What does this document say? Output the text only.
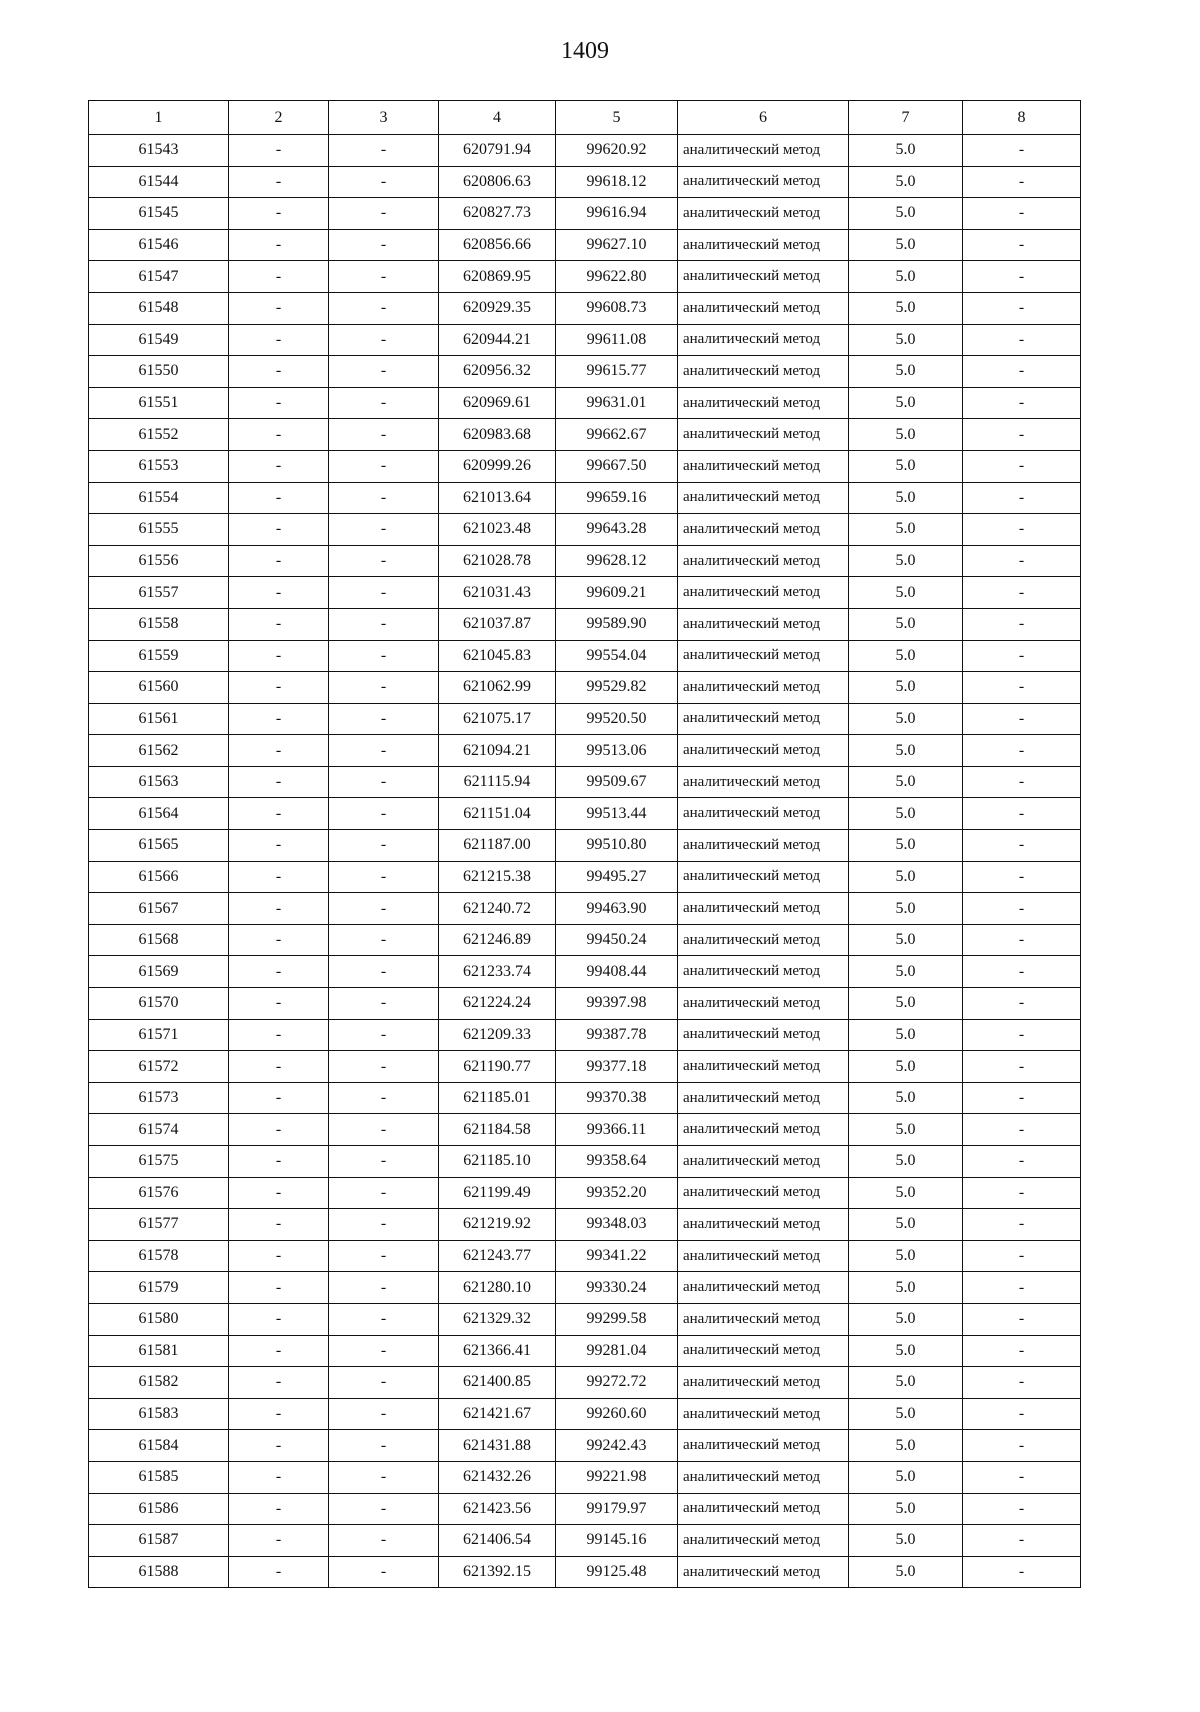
1409
1	2	3	4	5	6	7	8
61543	-	-	620791.94	99620.92	аналитический метод	5.0	-
61544	-	-	620806.63	99618.12	аналитический метод	5.0	-
61545	-	-	620827.73	99616.94	аналитический метод	5.0	-
61546	-	-	620856.66	99627.10	аналитический метод	5.0	-
61547	-	-	620869.95	99622.80	аналитический метод	5.0	-
61548	-	-	620929.35	99608.73	аналитический метод	5.0	-
61549	-	-	620944.21	99611.08	аналитический метод	5.0	-
61550	-	-	620956.32	99615.77	аналитический метод	5.0	-
61551	-	-	620969.61	99631.01	аналитический метод	5.0	-
61552	-	-	620983.68	99662.67	аналитический метод	5.0	-
61553	-	-	620999.26	99667.50	аналитический метод	5.0	-
61554	-	-	621013.64	99659.16	аналитический метод	5.0	-
61555	-	-	621023.48	99643.28	аналитический метод	5.0	-
61556	-	-	621028.78	99628.12	аналитический метод	5.0	-
61557	-	-	621031.43	99609.21	аналитический метод	5.0	-
61558	-	-	621037.87	99589.90	аналитический метод	5.0	-
61559	-	-	621045.83	99554.04	аналитический метод	5.0	-
61560	-	-	621062.99	99529.82	аналитический метод	5.0	-
61561	-	-	621075.17	99520.50	аналитический метод	5.0	-
61562	-	-	621094.21	99513.06	аналитический метод	5.0	-
61563	-	-	621115.94	99509.67	аналитический метод	5.0	-
61564	-	-	621151.04	99513.44	аналитический метод	5.0	-
61565	-	-	621187.00	99510.80	аналитический метод	5.0	-
61566	-	-	621215.38	99495.27	аналитический метод	5.0	-
61567	-	-	621240.72	99463.90	аналитический метод	5.0	-
61568	-	-	621246.89	99450.24	аналитический метод	5.0	-
61569	-	-	621233.74	99408.44	аналитический метод	5.0	-
61570	-	-	621224.24	99397.98	аналитический метод	5.0	-
61571	-	-	621209.33	99387.78	аналитический метод	5.0	-
61572	-	-	621190.77	99377.18	аналитический метод	5.0	-
61573	-	-	621185.01	99370.38	аналитический метод	5.0	-
61574	-	-	621184.58	99366.11	аналитический метод	5.0	-
61575	-	-	621185.10	99358.64	аналитический метод	5.0	-
61576	-	-	621199.49	99352.20	аналитический метод	5.0	-
61577	-	-	621219.92	99348.03	аналитический метод	5.0	-
61578	-	-	621243.77	99341.22	аналитический метод	5.0	-
61579	-	-	621280.10	99330.24	аналитический метод	5.0	-
61580	-	-	621329.32	99299.58	аналитический метод	5.0	-
61581	-	-	621366.41	99281.04	аналитический метод	5.0	-
61582	-	-	621400.85	99272.72	аналитический метод	5.0	-
61583	-	-	621421.67	99260.60	аналитический метод	5.0	-
61584	-	-	621431.88	99242.43	аналитический метод	5.0	-
61585	-	-	621432.26	99221.98	аналитический метод	5.0	-
61586	-	-	621423.56	99179.97	аналитический метод	5.0	-
61587	-	-	621406.54	99145.16	аналитический метод	5.0	-
61588	-	-	621392.15	99125.48	аналитический метод	5.0	-
